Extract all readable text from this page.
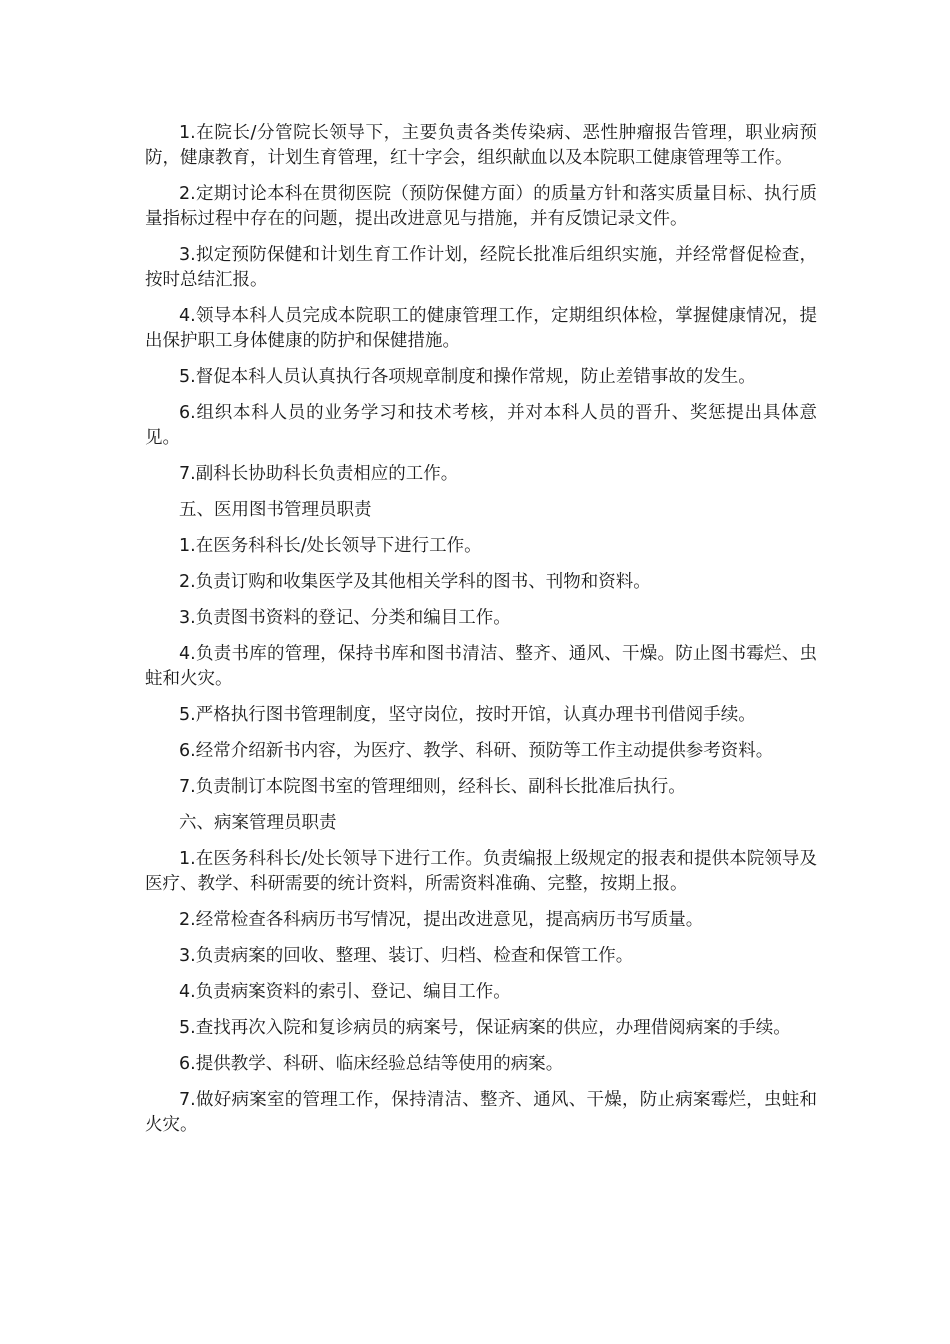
1.在院长/分管院长领导下，主要负责各类传染病、恶性肿瘤报告管理，职业病预防，健康教育，计划生育管理，红十字会，组织献血以及本院职工健康管理等工作。

2.定期讨论本科在贯彻医院（预防保健方面）的质量方针和落实质量目标、执行质量指标过程中存在的问题，提出改进意见与措施，并有反馈记录文件。

3.拟定预防保健和计划生育工作计划，经院长批准后组织实施，并经常督促检查，按时总结汇报。

4.领导本科人员完成本院职工的健康管理工作，定期组织体检，掌握健康情况，提出保护职工身体健康的防护和保健措施。

5.督促本科人员认真执行各项规章制度和操作常规，防止差错事故的发生。

6.组织本科人员的业务学习和技术考核，并对本科人员的晋升、奖惩提出具体意见。

7.副科长协助科长负责相应的工作。

五、医用图书管理员职责

1.在医务科科长/处长领导下进行工作。

2.负责订购和收集医学及其他相关学科的图书、刊物和资料。

3.负责图书资料的登记、分类和编目工作。

4.负责书库的管理，保持书库和图书清洁、整齐、通风、干燥。防止图书霉烂、虫蛀和火灾。

5.严格执行图书管理制度，坚守岗位，按时开馆，认真办理书刊借阅手续。

6.经常介绍新书内容，为医疗、教学、科研、预防等工作主动提供参考资料。

7.负责制订本院图书室的管理细则，经科长、副科长批准后执行。

六、病案管理员职责

1.在医务科科长/处长领导下进行工作。负责编报上级规定的报表和提供本院领导及医疗、教学、科研需要的统计资料，所需资料准确、完整，按期上报。

2.经常检查各科病历书写情况，提出改进意见，提高病历书写质量。

3.负责病案的回收、整理、装订、归档、检查和保管工作。

4.负责病案资料的索引、登记、编目工作。

5.查找再次入院和复诊病员的病案号，保证病案的供应，办理借阅病案的手续。

6.提供教学、科研、临床经验总结等使用的病案。

7.做好病案室的管理工作，保持清洁、整齐、通风、干燥，防止病案霉烂，虫蛀和火灾。
